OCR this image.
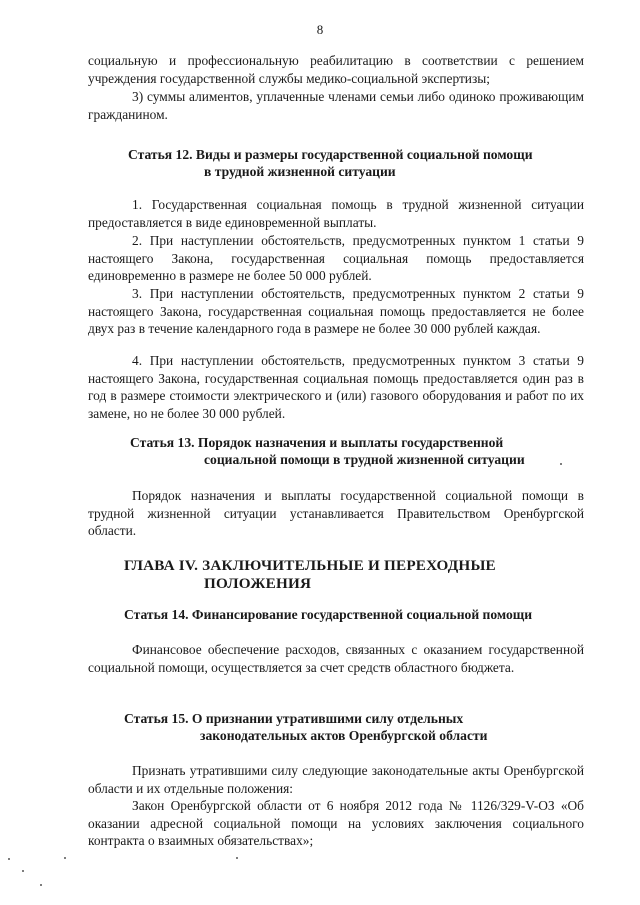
8

социальную и профессиональную реабилитацию в соответствии с решением учреждения государственной службы медико-социальной экспертизы;

3) суммы алиментов, уплаченные членами семьи либо одиноко проживающим гражданином.

Статья 12. Виды и размеры государственной социальной помощи
в трудной жизненной ситуации

1. Государственная социальная помощь в трудной жизненной ситуации предоставляется в виде единовременной выплаты.

2. При наступлении обстоятельств, предусмотренных пунктом 1 статьи 9 настоящего Закона, государственная социальная помощь предоставляется единовременно в размере не более 50 000 рублей.

3. При наступлении обстоятельств, предусмотренных пунктом 2 статьи 9 настоящего Закона, государственная социальная помощь предоставляется не более двух раз в течение календарного года в размере не более 30 000 рублей каждая.

4. При наступлении обстоятельств, предусмотренных пунктом 3 статьи 9 настоящего Закона, государственная социальная помощь предоставляется один раз в год в размере стоимости электрического и (или) газового оборудования и работ по их замене, но не более 30 000 рублей.

Статья 13. Порядок назначения и выплаты государственной
социальной помощи в трудной жизненной ситуации

Порядок назначения и выплаты государственной социальной помощи в трудной жизненной ситуации устанавливается Правительством Оренбургской области.

ГЛАВА IV. ЗАКЛЮЧИТЕЛЬНЫЕ И ПЕРЕХОДНЫЕ
ПОЛОЖЕНИЯ
Статья 14. Финансирование государственной социальной помощи

Финансовое обеспечение расходов, связанных с оказанием государственной социальной помощи, осуществляется за счет средств областного бюджета.

Статья 15. О признании утратившими силу отдельных
законодательных актов Оренбургской области

Признать утратившими силу следующие законодательные акты Оренбургской области и их отдельные положения:

Закон Оренбургской области от 6 ноября 2012 года № 1126/329-V-ОЗ «Об оказании адресной социальной помощи на условиях заключения социального контракта о взаимных обязательствах»;
